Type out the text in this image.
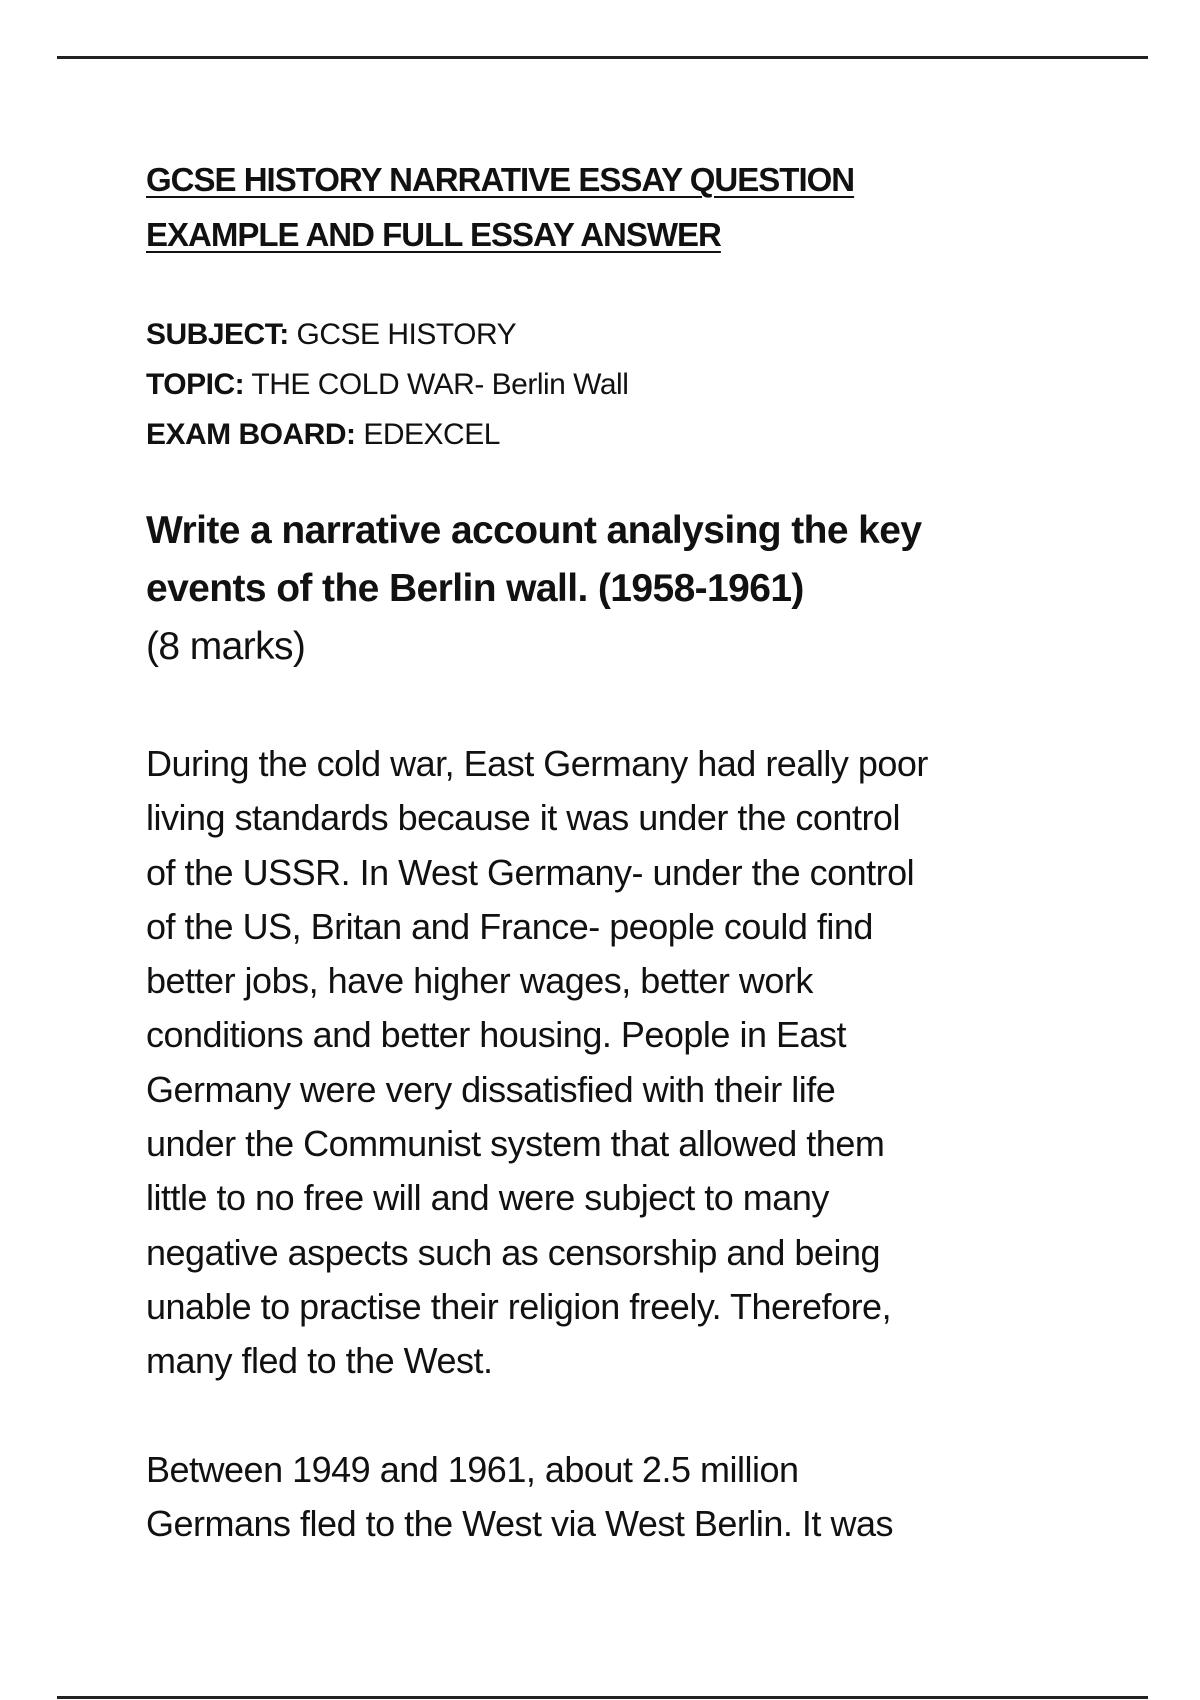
GCSE HISTORY NARRATIVE ESSAY QUESTION
EXAMPLE AND FULL ESSAY ANSWER
SUBJECT: GCSE HISTORY
TOPIC: THE COLD WAR- Berlin Wall
EXAM BOARD: EDEXCEL
Write a narrative account analysing the key
events of the Berlin wall. (1958-1961)
(8 marks)
During the cold war, East Germany had really poor
living standards because it was under the control
of the USSR. In West Germany- under the control
of the US, Britan and France- people could find
better jobs, have higher wages, better work
conditions and better housing. People in East
Germany were very dissatisfied with their life
under the Communist system that allowed them
little to no free will and were subject to many
negative aspects such as censorship and being
unable to practise their religion freely. Therefore,
many fled to the West.
Between 1949 and 1961, about 2.5 million
Germans fled to the West via West Berlin. It was
